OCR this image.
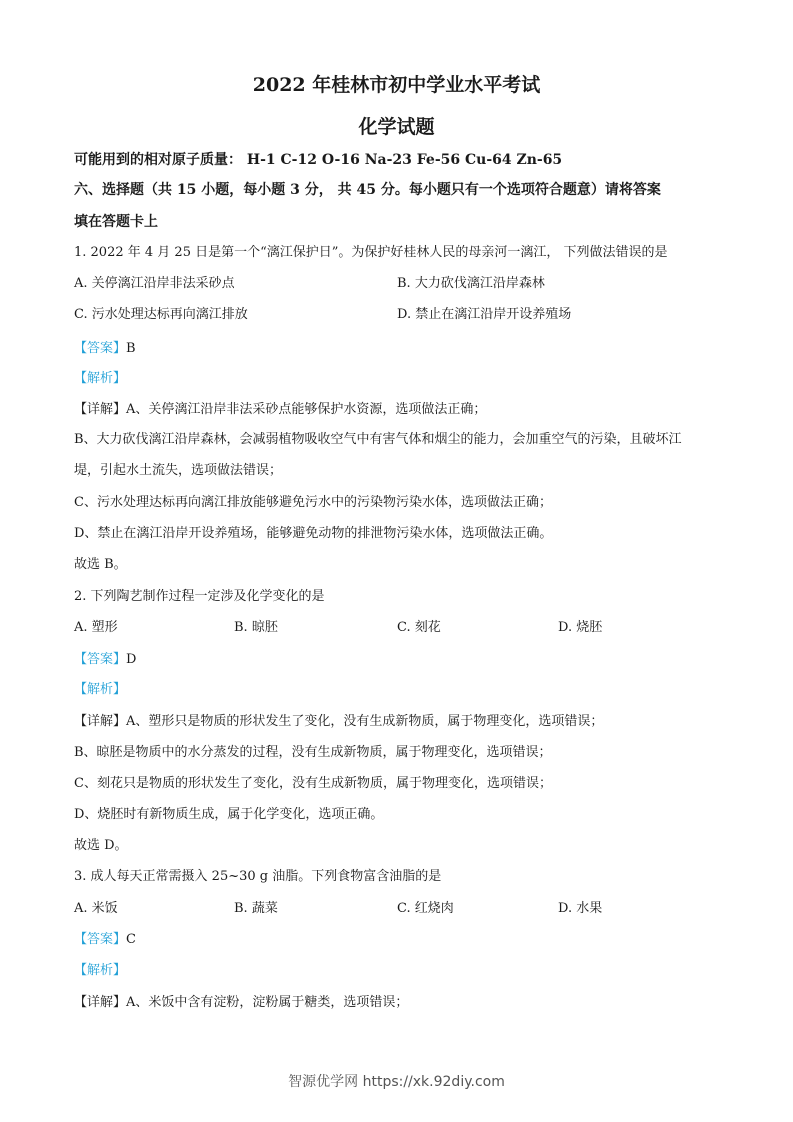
2022 年桂林市初中学业水平考试
化学试题
可能用到的相对原子质量： H-1 C-12 O-16 Na-23 Fe-56 Cu-64 Zn-65
六、选择题（共 15 小题，每小题 3 分， 共 45 分。每小题只有一个选项符合题意）请将答案
填在答题卡上
1. 2022 年 4 月 25 日是第一个“漓江保护日”。为保护好桂林人民的母亲河一漓江， 下列做法错误的是
A. 关停漓江沿岸非法采砂点	B. 大力砍伐漓江沿岸森林
C. 污水处理达标再向漓江排放	D. 禁止在漓江沿岸开设养殖场
【答案】B
【解析】
【详解】A、关停漓江沿岸非法采砂点能够保护水资源，选项做法正确；
B、大力砍伐漓江沿岸森林，会减弱植物吸收空气中有害气体和烟尘的能力，会加重空气的污染，且破坏江
堤，引起水土流失，选项做法错误；
C、污水处理达标再向漓江排放能够避免污水中的污染物污染水体，选项做法正确；
D、禁止在漓江沿岸开设养殖场，能够避免动物的排泄物污染水体，选项做法正确。
故选 B。
2. 下列陶艺制作过程一定涉及化学变化的是
A. 塑形	B. 晾胚	C. 刻花	D. 烧胚
【答案】D
【解析】
【详解】A、塑形只是物质的形状发生了变化，没有生成新物质，属于物理变化，选项错误；
B、晾胚是物质中的水分蒸发的过程，没有生成新物质，属于物理变化，选项错误；
C、刻花只是物质的形状发生了变化，没有生成新物质，属于物理变化，选项错误；
D、烧胚时有新物质生成，属于化学变化，选项正确。
故选 D。
3. 成人每天正常需摄入 25~30 g 油脂。下列食物富含油脂的是
A. 米饭	B. 蔬菜	C. 红烧肉	D. 水果
【答案】C
【解析】
【详解】A、米饭中含有淀粉，淀粉属于糖类，选项错误；
智源优学网 https://xk.92diy.com
